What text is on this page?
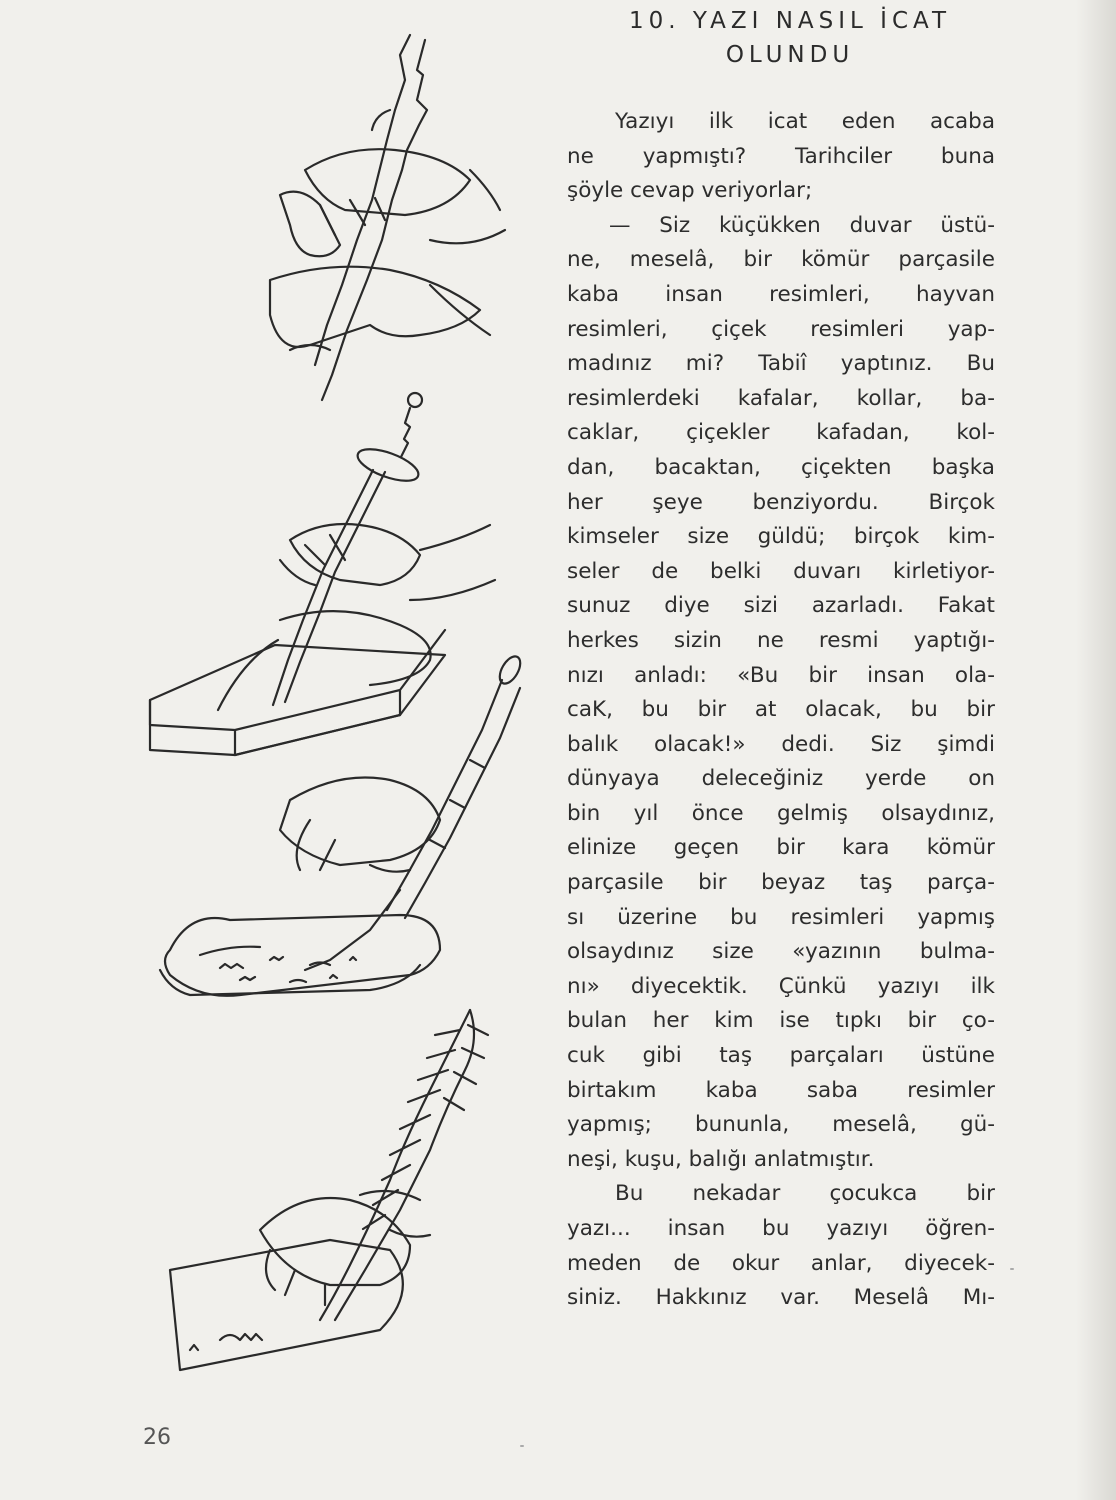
10. YAZI NASIL İCAT
OLUNDU
Yazıyı ilk icat eden acaba
ne yapmıştı? Tarihciler buna
şöyle cevap veriyorlar;
— Siz küçükken duvar üstü-
ne, meselâ, bir kömür parçasile
kaba insan resimleri, hayvan
resimleri, çiçek resimleri yap-
madınız mi? Tabiî yaptınız. Bu
resimlerdeki kafalar, kollar, ba-
caklar, çiçekler kafadan, kol-
dan, bacaktan, çiçekten başka
her şeye benziyordu. Birçok
kimseler size güldü; birçok kim-
seler de belki duvarı kirletiyor-
sunuz diye sizi azarladı. Fakat
herkes sizin ne resmi yaptığı-
nızı anladı: «Bu bir insan ola-
caK, bu bir at olacak, bu bir
balık olacak!» dedi. Siz şimdi
dünyaya deleceğiniz yerde on
bin yıl önce gelmiş olsaydınız,
elinize geçen bir kara kömür
parçasile bir beyaz taş parça-
sı üzerine bu resimleri yapmış
olsaydınız size «yazının bulma-
nı» diyecektik. Çünkü yazıyı ilk
bulan her kim ise tıpkı bir ço-
cuk gibi taş parçaları üstüne
birtakım kaba saba resimler
yapmış; bununla, meselâ, gü-
neşi, kuşu, balığı anlatmıştır.
Bu nekadar çocukca bir
yazı... insan bu yazıyı öğren-
meden de okur anlar, diyecek-
siniz. Hakkınız var. Meselâ Mı-
26
